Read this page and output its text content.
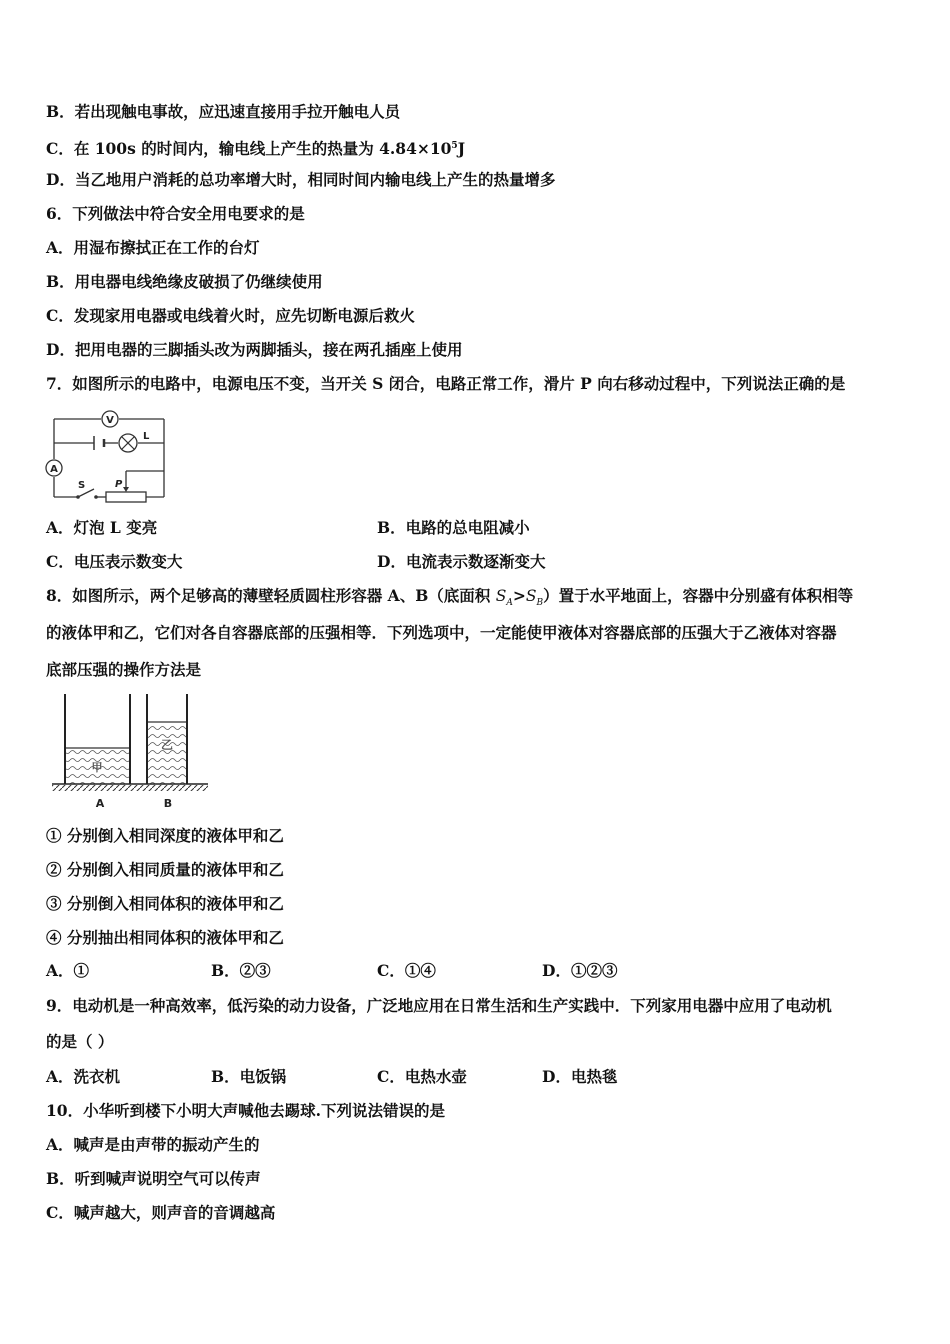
B．若出现触电事故，应迅速直接用手拉开触电人员
C．在 100s 的时间内，输电线上产生的热量为 $4.84\times 10^5J$
D．当乙地用户消耗的总功率增大时，相同时间内输电线上产生的热量增多
6．下列做法中符合安全用电要求的是
A．用湿布擦拭正在工作的台灯
B．用电器电线绝缘皮破损了仍继续使用
C．发现家用电器或电线着火时，应先切断电源后救火
D．把用电器的三脚插头改为两脚插头，接在两孔插座上使用
7．如图所示的电路中，电源电压不变，当开关 S 闭合，电路正常工作，滑片 P 向右移动过程中，下列说法正确的是
V
L
A
S	P
A．灯泡 L 变亮	B．电路的总电阻减小
C．电压表示数变大	D．电流表示数逐渐变大
8．如图所示，两个足够高的薄壁轻质圆柱形容器 A、B（底面积 $S_A>S_B$）置于水平地面上，容器中分别盛有体积相等
的液体甲和乙，它们对各自容器底部的压强相等．下列选项中，一定能使甲液体对容器底部的压强大于乙液体对容器
底部压强的操作方法是
甲
乙
A	B
① 分别倒入相同深度的液体甲和乙
② 分别倒入相同质量的液体甲和乙
③ 分别倒入相同体积的液体甲和乙
④ 分别抽出相同体积的液体甲和乙
A．①	B．②③	C．①④	D．①②③
9．电动机是一种高效率，低污染的动力设备，广泛地应用在日常生活和生产实践中．下列家用电器中应用了电动机
的是（ ）
A．洗衣机	B．电饭锅	C．电热水壶	D．电热毯
10．小华听到楼下小明大声喊他去踢球.下列说法错误的是
A．喊声是由声带的振动产生的
B．听到喊声说明空气可以传声
C．喊声越大，则声音的音调越高
